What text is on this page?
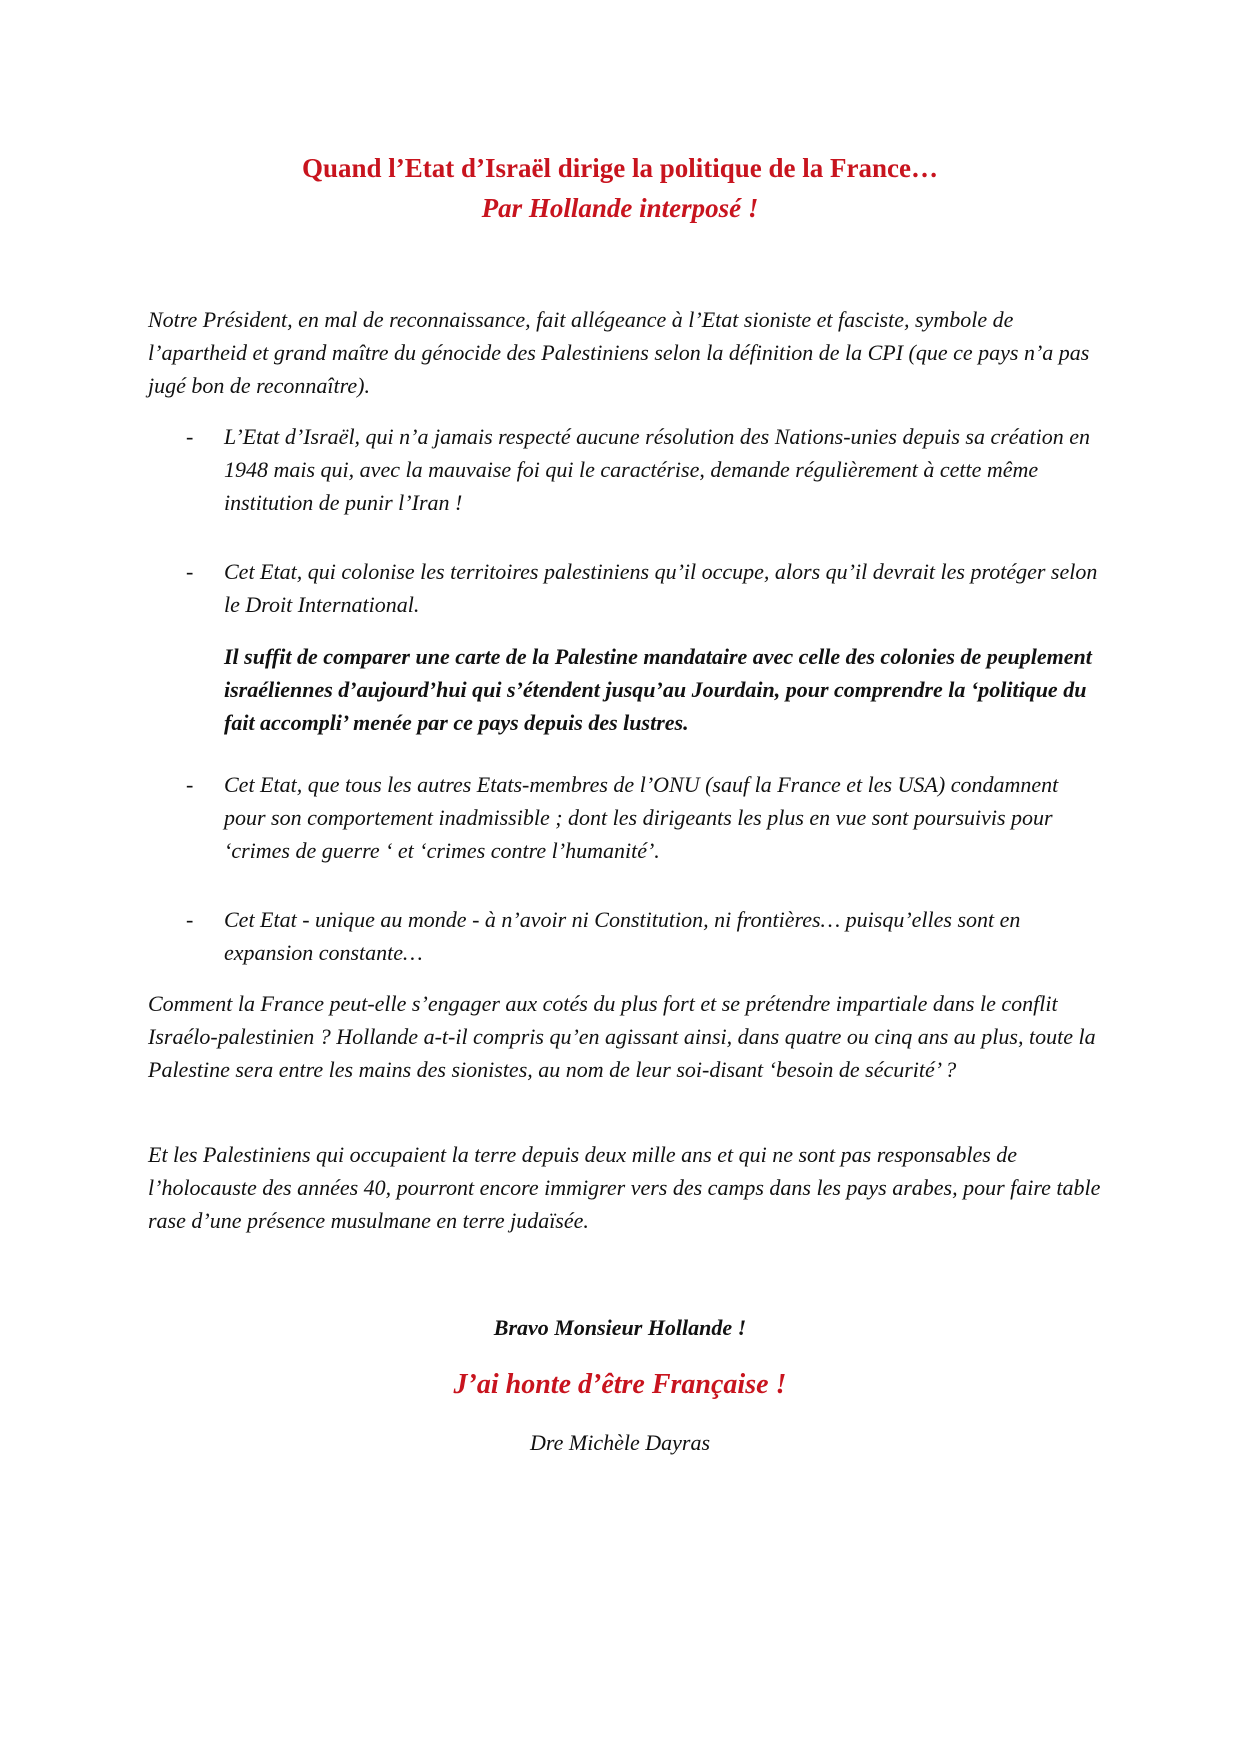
Quand l’Etat d’Israël dirige la politique de la France…
Par Hollande interposé !

Notre Président, en mal de reconnaissance, fait allégeance à l’Etat sioniste et fasciste, symbole de l’apartheid et grand maître du génocide des Palestiniens selon la définition de la CPI (que ce pays n’a pas jugé bon de reconnaître).

- L’Etat d’Israël, qui n’a jamais respecté aucune résolution des Nations-unies depuis sa création en 1948 mais qui, avec la mauvaise foi qui le caractérise, demande régulièrement à cette même institution de punir l’Iran !
- Cet Etat, qui colonise les territoires palestiniens qu’il occupe, alors qu’il devrait les protéger selon le Droit International.
Il suffit de comparer une carte de la Palestine mandataire avec celle des colonies de peuplement israéliennes d’aujourd’hui qui s’étendent jusqu’au Jourdain, pour comprendre la ‘politique du fait accompli’ menée par ce pays depuis des lustres.
- Cet Etat, que tous les autres Etats-membres de l’ONU (sauf la France et les USA) condamnent pour son comportement inadmissible ; dont les dirigeants les plus en vue sont poursuivis pour ‘crimes de guerre ‘ et ‘crimes contre l’humanité’.
- Cet Etat - unique au monde - à n’avoir ni Constitution, ni frontières… puisqu’elles sont en expansion constante…

Comment la France peut-elle s’engager aux cotés du plus fort et se prétendre impartiale dans le conflit Israélo-palestinien ? Hollande a-t-il compris qu’en agissant ainsi, dans quatre ou cinq ans au plus, toute la Palestine sera entre les mains des sionistes, au nom de leur soi-disant ‘besoin de sécurité’ ?

Et les Palestiniens qui occupaient la terre depuis deux mille ans et qui ne sont pas responsables de l’holocauste des années 40, pourront encore immigrer vers des camps dans les pays arabes, pour faire table rase d’une présence musulmane en terre judaïsée.

Bravo Monsieur Hollande !
J’ai honte d’être Française !
Dre Michèle Dayras
